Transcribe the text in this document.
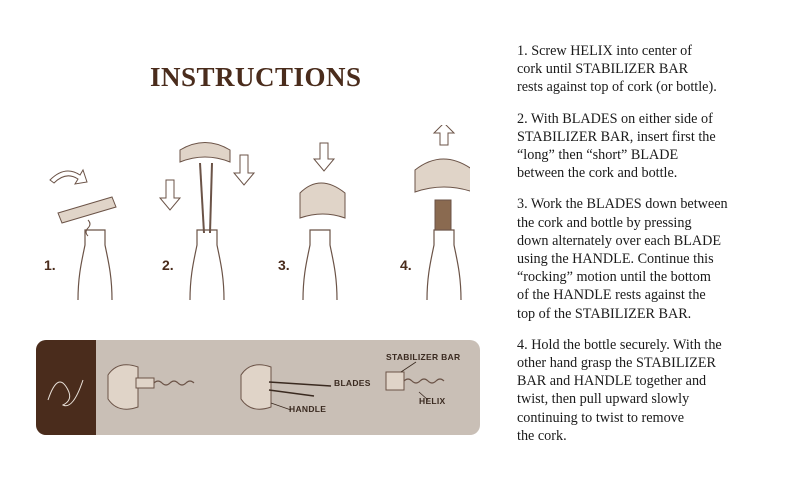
INSTRUCTIONS
1.	2.	3.	4.
STABILIZER BAR
BLADES
HANDLE
HELIX

1. Screw HELIX into center of
cork until STABILIZER BAR
rests against top of cork (or bottle).

2. With BLADES on either side of
STABILIZER BAR, insert first the
“long” then “short” BLADE
between the cork and bottle.

3. Work the BLADES down between
the cork and bottle by pressing
down alternately over each BLADE
using the HANDLE. Continue this
“rocking” motion until the bottom
of the HANDLE rests against the
top of the STABILIZER BAR.

4. Hold the bottle securely. With the
other hand grasp the STABILIZER
BAR and HANDLE together and
twist, then pull upward slowly
continuing to twist to remove
the cork.
